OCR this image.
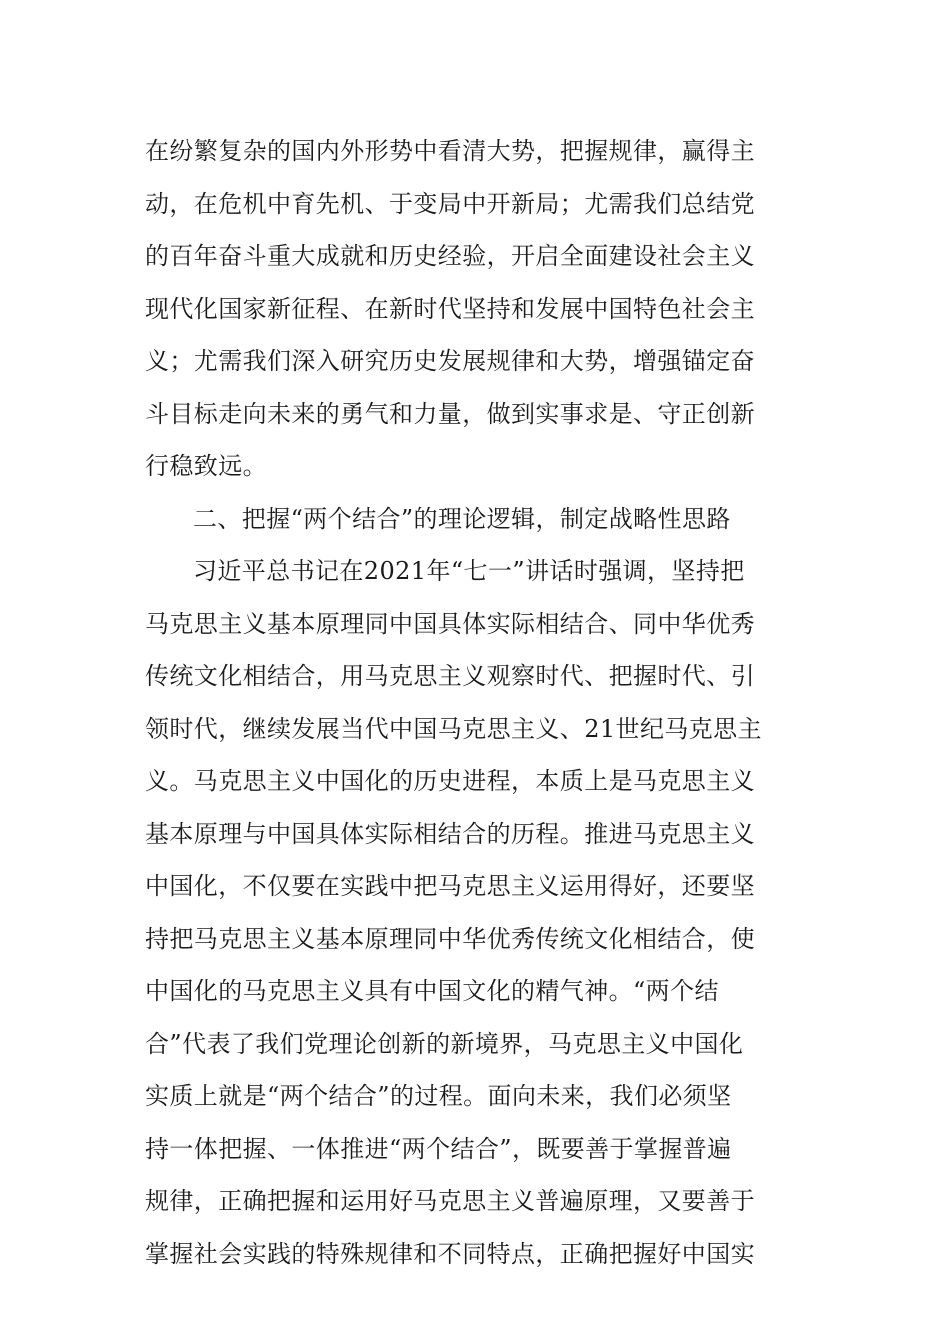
在纷繁复杂的国内外形势中看清大势，把握规律，赢得主
动，在危机中育先机、于变局中开新局；尤需我们总结党
的百年奋斗重大成就和历史经验，开启全面建设社会主义
现代化国家新征程、在新时代坚持和发展中国特色社会主
义；尤需我们深入研究历史发展规律和大势，增强锚定奋
斗目标走向未来的勇气和力量，做到实事求是、守正创新
行稳致远。
二、把握“两个结合”的理论逻辑，制定战略性思路
习近平总书记在2021年“七一”讲话时强调，坚持把
马克思主义基本原理同中国具体实际相结合、同中华优秀
传统文化相结合，用马克思主义观察时代、把握时代、引
领时代，继续发展当代中国马克思主义、21世纪马克思主
义。马克思主义中国化的历史进程，本质上是马克思主义
基本原理与中国具体实际相结合的历程。推进马克思主义
中国化，不仅要在实践中把马克思主义运用得好，还要坚
持把马克思主义基本原理同中华优秀传统文化相结合，使
中国化的马克思主义具有中国文化的精气神。“两个结
合”代表了我们党理论创新的新境界，马克思主义中国化
实质上就是“两个结合”的过程。面向未来，我们必须坚
持一体把握、一体推进“两个结合”，既要善于掌握普遍
规律，正确把握和运用好马克思主义普遍原理，又要善于
掌握社会实践的特殊规律和不同特点，正确把握好中国实
